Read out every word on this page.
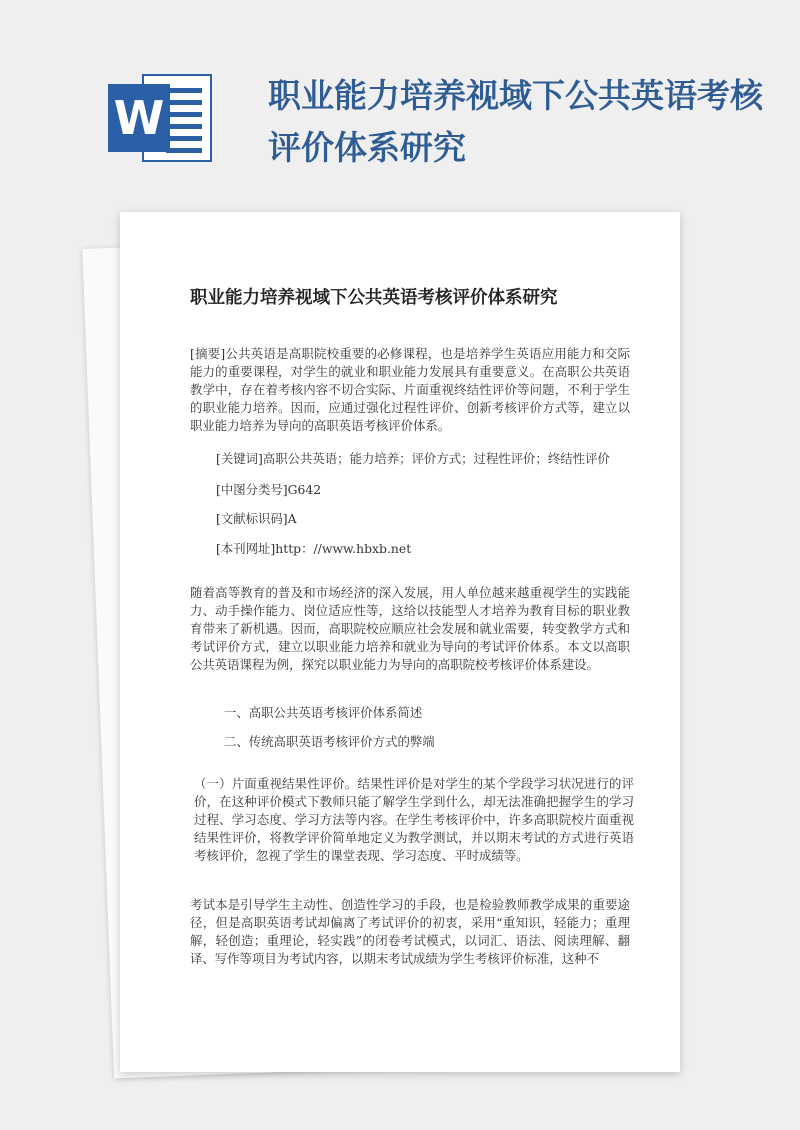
W	职业能力培养视域下公共英语考核评价体系研究
职业能力培养视域下公共英语考核评价体系研究

[摘要]公共英语是高职院校重要的必修课程，也是培养学生英语应用能力和交际能力的重要课程，对学生的就业和职业能力发展具有重要意义。在高职公共英语教学中，存在着考核内容不切合实际、片面重视终结性评价等问题，不利于学生的职业能力培养。因而，应通过强化过程性评价、创新考核评价方式等，建立以职业能力培养为导向的高职英语考核评价体系。

[关键词]高职公共英语；能力培养；评价方式；过程性评价；终结性评价

[中图分类号]G642

[文献标识码]A

[本刊网址]http：//www.hbxb.net

随着高等教育的普及和市场经济的深入发展，用人单位越来越重视学生的实践能力、动手操作能力、岗位适应性等，这给以技能型人才培养为教育目标的职业教育带来了新机遇。因而，高职院校应顺应社会发展和就业需要，转变教学方式和考试评价方式，建立以职业能力培养和就业为导向的考试评价体系。本文以高职公共英语课程为例，探究以职业能力为导向的高职院校考核评价体系建设。

一、高职公共英语考核评价体系简述

二、传统高职英语考核评价方式的弊端

（一）片面重视结果性评价。结果性评价是对学生的某个学段学习状况进行的评价，在这种评价模式下教师只能了解学生学到什么，却无法准确把握学生的学习过程、学习态度、学习方法等内容。在学生考核评价中，许多高职院校片面重视结果性评价，将教学评价简单地定义为教学测试，并以期末考试的方式进行英语考核评价，忽视了学生的课堂表现、学习态度、平时成绩等。

考试本是引导学生主动性、创造性学习的手段，也是检验教师教学成果的重要途径，但是高职英语考试却偏离了考试评价的初衷，采用“重知识，轻能力；重理解，轻创造；重理论，轻实践”的闭卷考试模式，以词汇、语法、阅读理解、翻译、写作等项目为考试内容，以期末考试成绩为学生考核评价标准，这种不
